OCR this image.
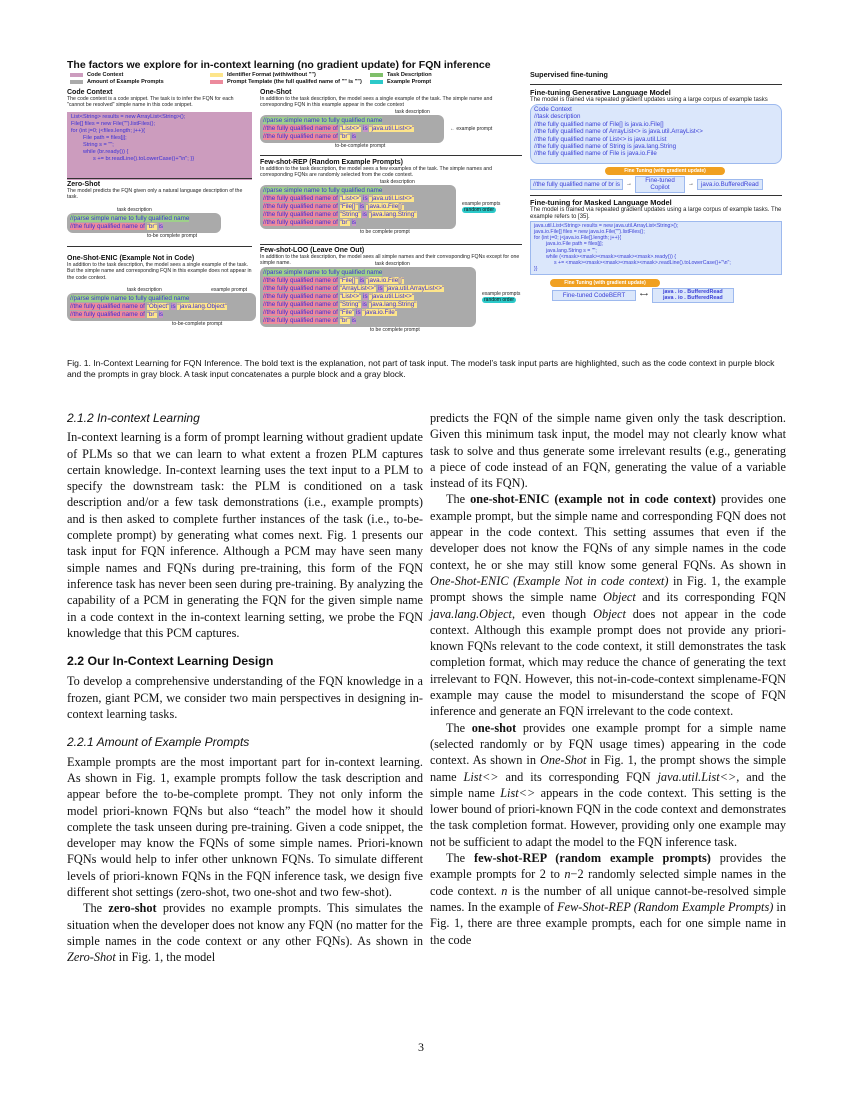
The factors we explore for in-context learning (no gradient update) for FQN inference
Code Context	Identifier Format (with/without "")	Task Description
Amount of Example Prompts	Prompt Template (the full qualifed name of "" is "")	Example Prompt
Code Context
The code context is a code snippet. The task is to infer the FQN for each "cannot be resolved" simple name in this code snippet.
List<String> results = new ArrayList<String>();
File[] files = new File("").listFiles();
for (int j=0; j<files.length; j++){
File path = files[j];
String s = "";
while (br.ready()) {
s += br.readLine().toLowerCase()+"\n"; }}
Zero-Shot
The model predicts the FQN given only a natural language description of the task.
task description
//parse simple name to fully qualified name
//the fully qualified name of "br" is
to-be complete prompt
One-Shot-ENIC (Example Not in Code)
In addition to the task description, the model sees a single example of the task. But the simple name and corresponding FQN in this example does not appear in the code context.
task description	example prompt
//parse simple name to fully qualified name
//the fully qualified name of "Object" is "java.lang.Object"
//the fully qualified name of "br" is
to-be-complete prompt
One-Shot
In addition to the task description, the model sees a single example of the task. The simple name and corresponding FQN in this example appear in the code context
task description
//parse simple name to fully qualified name
//the fully qualified name of "List<>" is "java.util.List<>"
//the fully qualified name of "br" is
← example prompt
to-be-complete prompt
Few-shot-REP (Random Example Prompts)
In addition to the task description, the model sees a few examples of the task. The simple names and corresponding FQNs are randomly selected from the code context.
task description
//parse simple name to fully qualified name
//the fully qualified name of "List<>" is "java.util.List<>"
//the fully qualified name of "File[]" is "java.io.File[]"
//the fully qualified name of "String" is "java.lang.String"
//the fully qualified name of "br" is
example prompts
random order
to be complete prompt
Few-shot-LOO (Leave One Out)
In addition to the task description, the model sees all simple names and their corresponding FQNs except for one simple name.	task description
//parse simple name to fully qualified name
//the fully qualified name of "File[]" is "java.io.File[]"
//the fully qualified name of "ArrayList<>" is "java.util.ArrayList<>"
//the fully qualified name of "List<>" is "java.util.List<>"
//the fully qualified name of "String" is "java.lang.String"
//the fully qualified name of "File" is "java.io.File"
//the fully qualified name of "br" is
example prompts
random order
to be complete prompt
Supervised fine-tuning
Fine-tuning Generative Language Model
The model is trained via repeated gradient updates using a large corpus of example tasks
Code Context
//task description
//the fully qualified name of File[] is java.io.File[]
//the fully qualified name of ArrayList<> is java.util.ArrayList<>
//the fully qualified name of List<> is java.util.List
//the fully qualified name of String is java.lang.String
//the fully qualified name of File is java.io.File
Fine Tuning (with gradient update)
//the fully qualified name of br is	→
Fine-tuned Copilot	→	java.io.BufferedRead
Fine-tuning for Masked Language Model
The model is trained via repeated gradient updates using a large corpus of example tasks. The example refers to [35].
java.util.List<String> results = new java.util.ArrayList<String>();
java.io.File[] files = new java.io.File("").listFiles();
for (int j=0; j<java.io.File[].length; j++){
java.io.File path = files[j];
java.lang.String s = "";
while (<mask><mask><mask><mask><mask>.ready()) {
s += <mask><mask><mask><mask><mask>.readLine().toLowerCase()+"\n";
}}
Fine Tuning (with gradient update)
Fine-tuned CodeBERT	⟷
java . io . BufferedRead
java . io . BufferedRead
Fig. 1. In-Context Learning for FQN Inference. The bold text is the explanation, not part of task input. The model’s task input parts are highlighted, such as the code context in purple block and the prompts in gray block. A task input concatenates a purple block and a gray block.
2.1.2 In-context Learning

In-context learning is a form of prompt learning without gradient update of PLMs so that we can learn to what extent a frozen PLM captures certain knowledge. In-context learning uses the text input to a PLM to specify the downstream task: the PLM is conditioned on a task description and/or a few task demonstrations (i.e., example prompts) and is then asked to complete further instances of the task (i.e., to-be-complete prompt) by generating what comes next. Fig. 1 presents our task input for FQN inference. Although a PCM may have seen many simple names and FQNs during pre-training, this form of the FQN inference task has never been seen during pre-training. By analyzing the capability of a PCM in generating the FQN for the given simple name in a code context in the in-context learning setting, we probe the FQN knowledge that this PCM captures.

2.2 Our In-Context Learning Design

To develop a comprehensive understanding of the FQN knowledge in a frozen, giant PCM, we consider two main perspectives in designing in-context learning tasks.

2.2.1 Amount of Example Prompts

Example prompts are the most important part for in-context learning. As shown in Fig. 1, example prompts follow the task description and appear before the to-be-complete prompt. They not only inform the model priori-known FQNs but also “teach” the model how it should complete the task unseen during pre-training. Given a code snippet, the developer may know the FQNs of some simple names. Priori-known FQNs would help to infer other unknown FQNs. To simulate different levels of priori-known FQNs in the FQN inference task, we design five different shot settings (zero-shot, two one-shot and two few-shot).

The zero-shot provides no example prompts. This simulates the situation when the developer does not know any FQN (no matter for the simple names in the code context or any other FQNs). As shown in Zero-Shot in Fig. 1, the model

predicts the FQN of the simple name given only the task description. Given this minimum task input, the model may not clearly know what task to solve and thus generate some irrelevant results (e.g., generating a piece of code instead of an FQN, generating the value of a variable instead of its FQN).

The one-shot-ENIC (example not in code context) provides one example prompt, but the simple name and corresponding FQN does not appear in the code context. This setting assumes that even if the developer does not know the FQNs of any simple names in the code context, he or she may still know some general FQNs. As shown in One-Shot-ENIC (Example Not in code context) in Fig. 1, the example prompt shows the simple name Object and its corresponding FQN java.lang.Object, even though Object does not appear in the code context. Although this example prompt does not provide any priori-known FQNs relevant to the code context, it still demonstrates the task completion format, which may reduce the chance of generating the text irrelevant to FQN. However, this not-in-code-context simplename-FQN example may cause the model to misunderstand the scope of FQN inference and generate an FQN irrelevant to the code context.

The one-shot provides one example prompt for a simple name (selected randomly or by FQN usage times) appearing in the code context. As shown in One-Shot in Fig. 1, the prompt shows the simple name List<> and its corresponding FQN java.util.List<>, and the simple name List<> appears in the code context. This setting is the lower bound of priori-known FQN in the code context and demonstrates the task completion format. However, providing only one example may not be sufficient to adapt the model to the FQN inference task.

The few-shot-REP (random example prompts) provides the example prompts for 2 to n−2 randomly selected simple names in the code context. n is the number of all unique cannot-be-resolved simple names. In the example of Few-Shot-REP (Random Example Prompts) in Fig. 1, there are three example prompts, each for one simple name in the code

3
